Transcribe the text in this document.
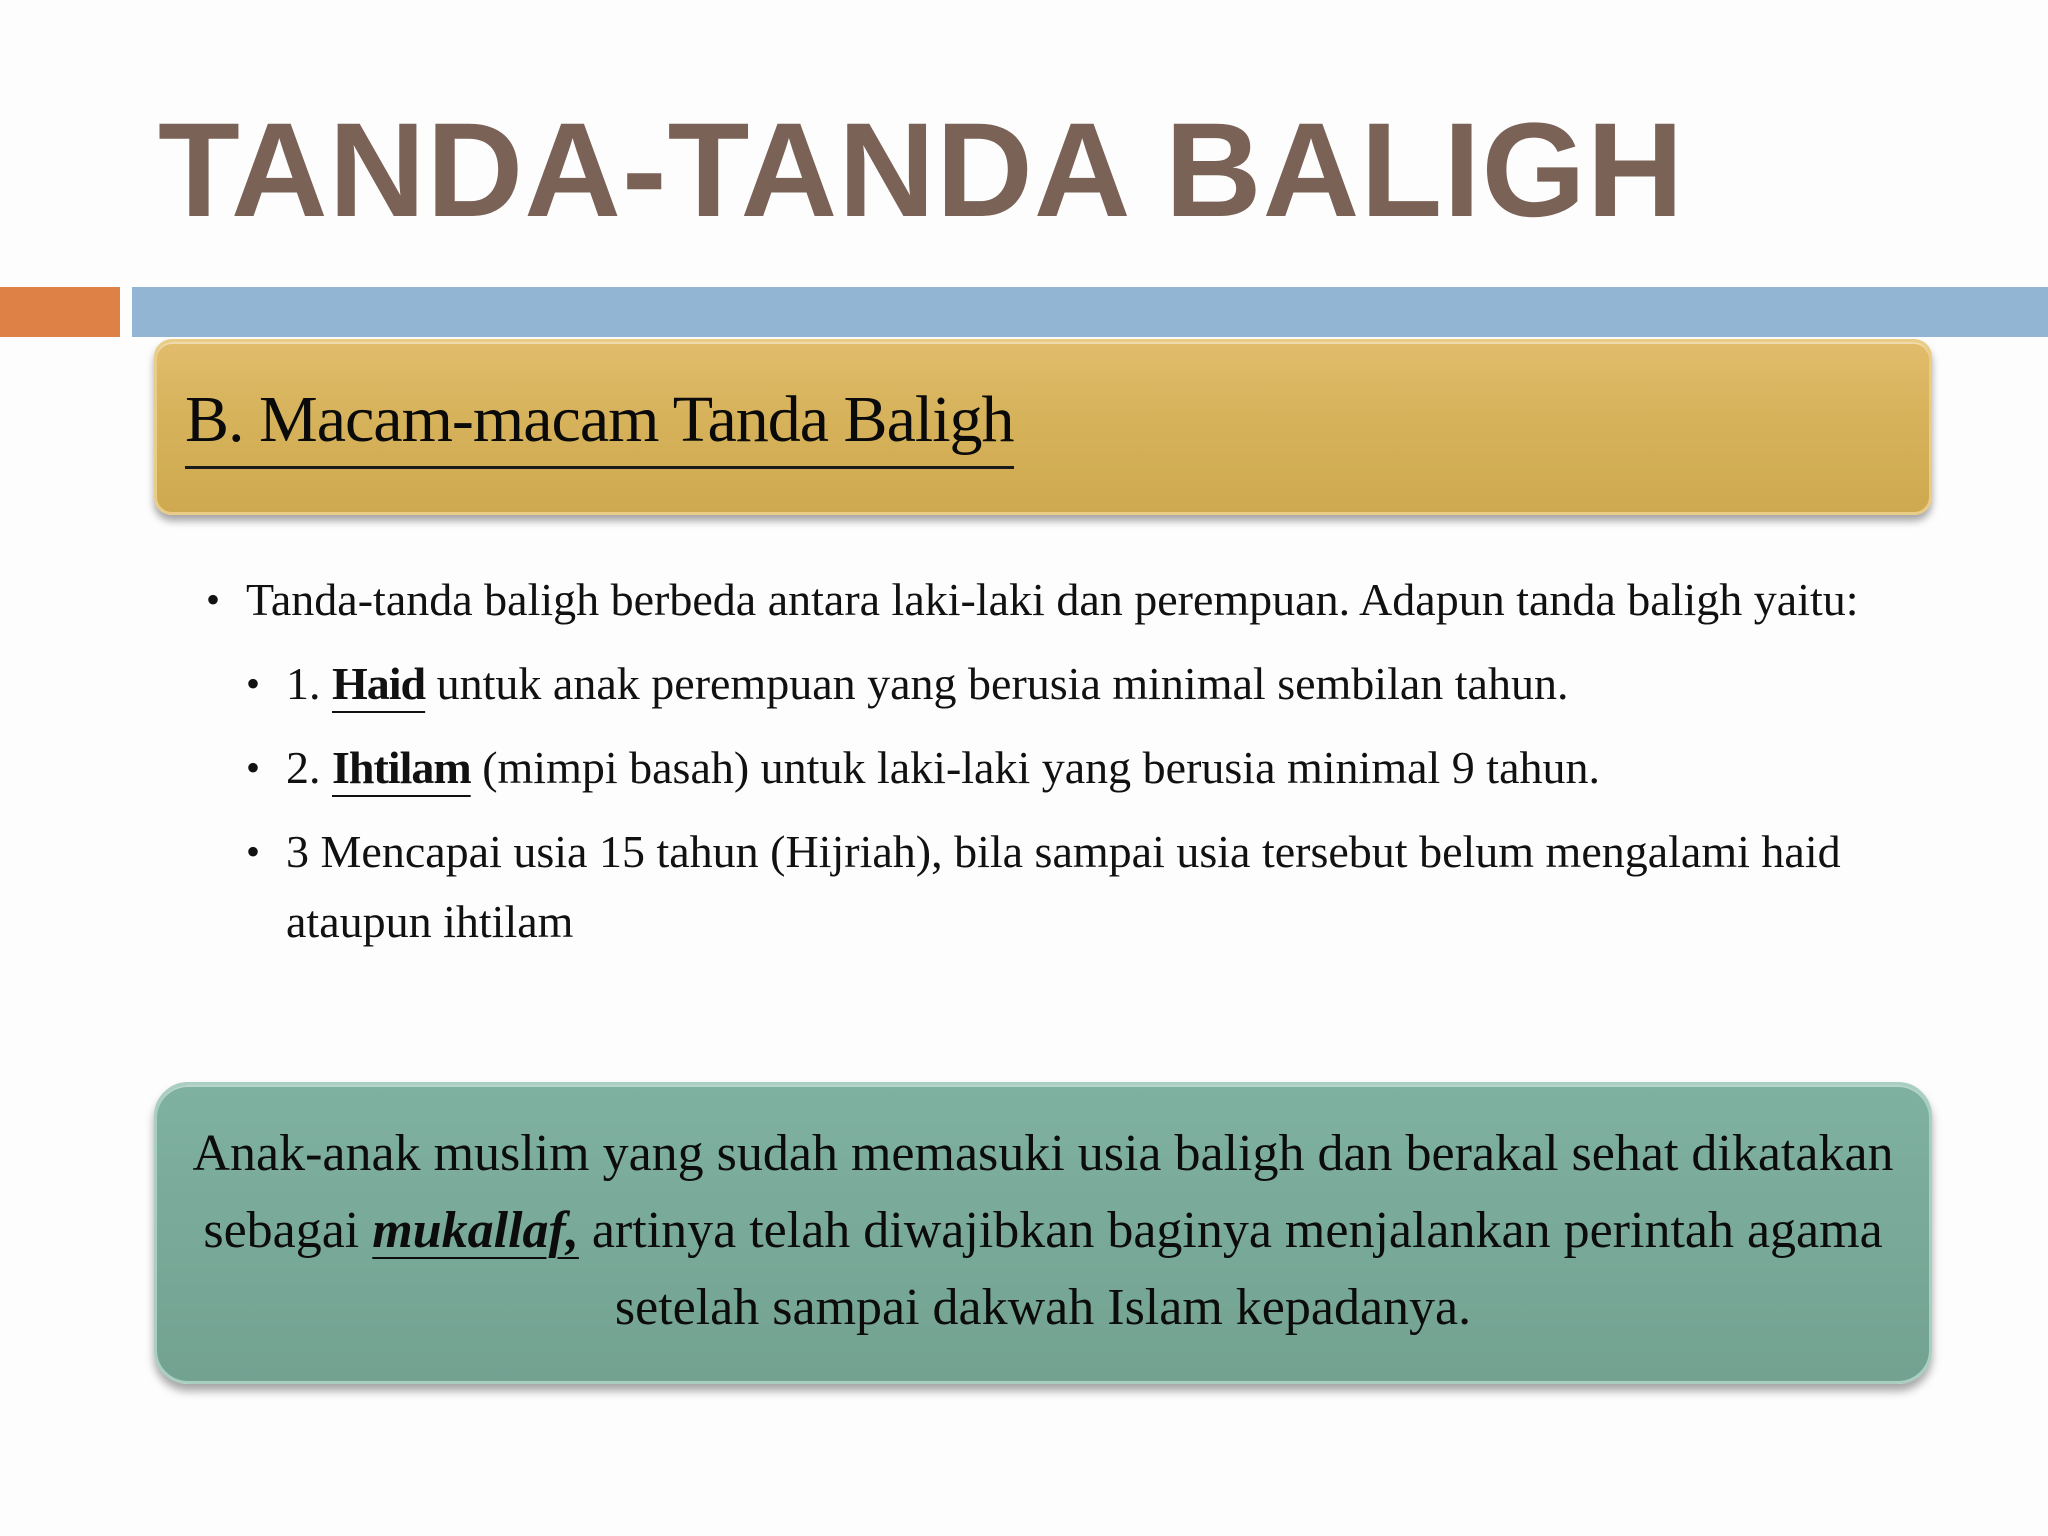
TANDA-TANDA BALIGH
B. Macam-macam Tanda Baligh
• Tanda-tanda baligh berbeda antara laki-laki dan perempuan. Adapun tanda baligh yaitu:
• 1. Haid untuk anak perempuan yang berusia minimal sembilan tahun.
• 2. Ihtilam (mimpi basah) untuk laki-laki yang berusia minimal 9 tahun.
• 3 Mencapai usia 15 tahun (Hijriah), bila sampai usia tersebut belum mengalami haid ataupun ihtilam

Anak-anak muslim yang sudah memasuki usia baligh dan berakal sehat dikatakan sebagai mukallaf, artinya telah diwajibkan baginya menjalankan perintah agama setelah sampai dakwah Islam kepadanya.
